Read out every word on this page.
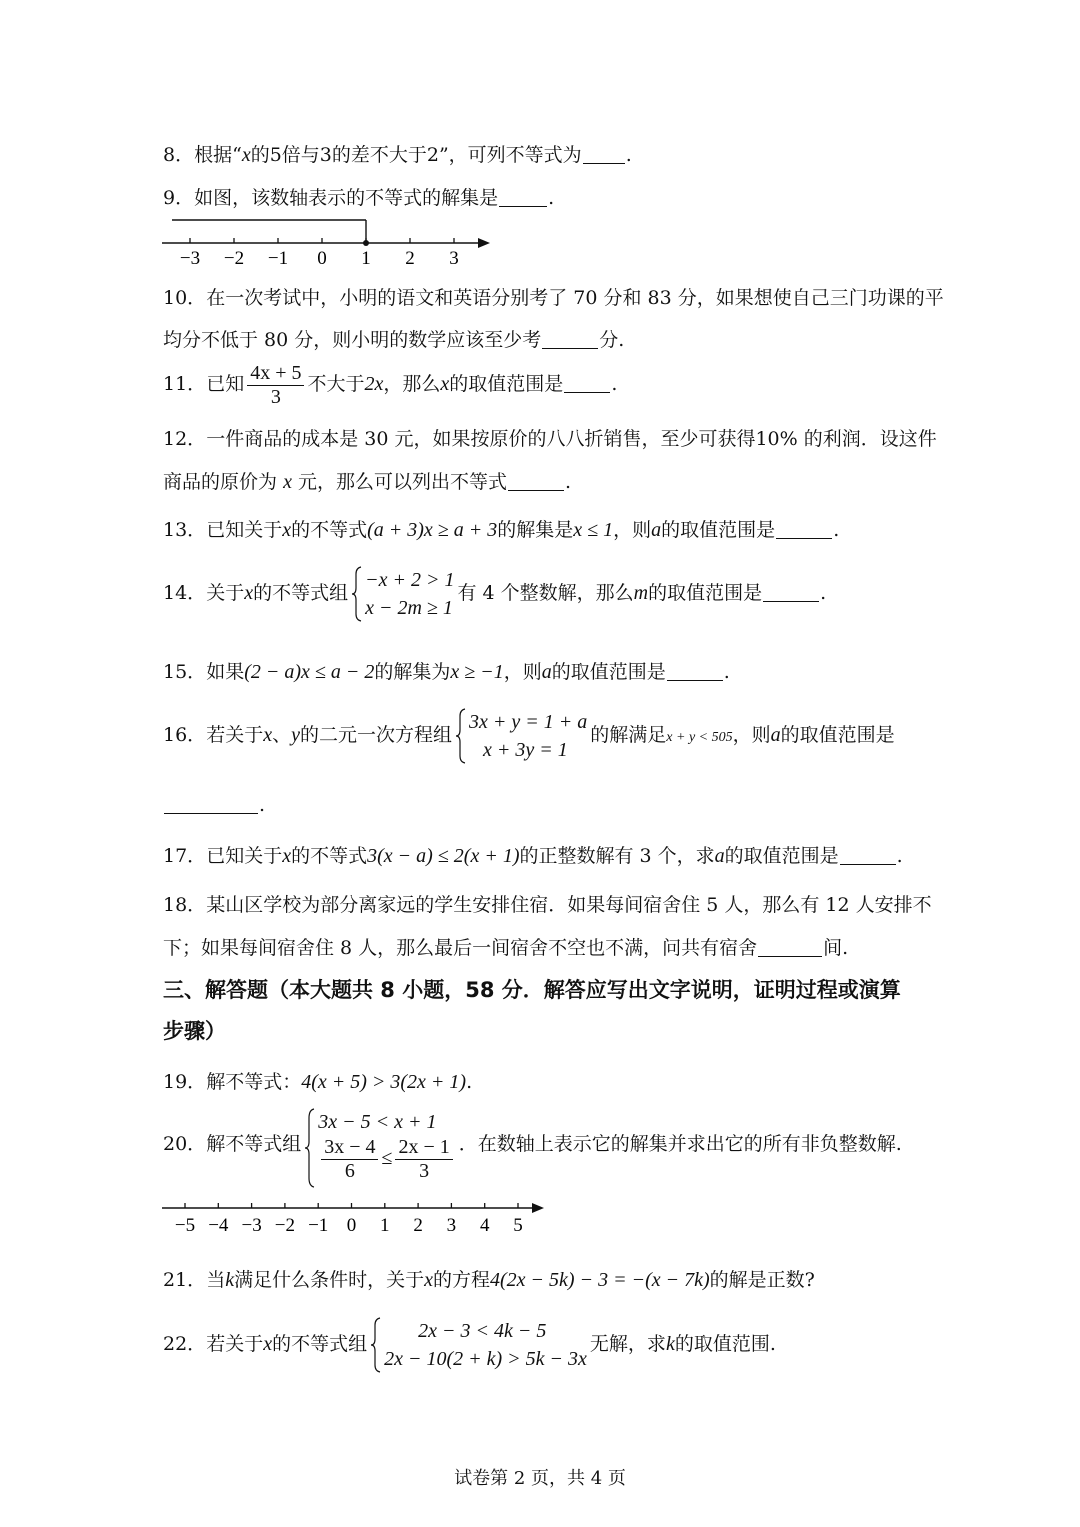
8．根据“x的5倍与3的差不大于2”，可列不等式为 .
9．如图，该数轴表示的不等式的解集是	.
−3 −2 −1 0 1 2 3
10．在一次考试中，小明的语文和英语分别考了 70 分和 83 分，如果想使自己三门功课的平
均分不低于 80 分，则小明的数学应该至少考	分.
11．已知 $\frac{4x + 5}{3}$ 不大于2x，那么x的取值范围是	.
12．一件商品的成本是 30 元，如果按原价的八八折销售，至少可获得10% 的利润．设这件
商品的原价为 x 元，那么可以列出不等式	.
13．已知关于x的不等式(a + 3)x ≥ a + 3的解集是x ≤ 1，则a的取值范围是	.
14．关于x的不等式组
−x + 2 > 1
x − 2m ≥ 1
有 4 个整数解，那么m的取值范围是	.
15．如果(2 − a)x ≤ a − 2的解集为x ≥ −1，则a的取值范围是	.
16．若关于x、y的二元一次方程组
3x + y = 1 + a
x + 3y = 1
的解满足x + y < 505，则a的取值范围是
.
17．已知关于x的不等式3(x − a) ≤ 2(x + 1)的正整数解有 3 个，求a的取值范围是	.
18．某山区学校为部分离家远的学生安排住宿．如果每间宿舍住 5 人，那么有 12 人安排不
下；如果每间宿舍住 8 人，那么最后一间宿舍不空也不满，问共有宿舍	间.
三、解答题（本大题共 8 小题，58 分．解答应写出文字说明，证明过程或演算
步骤）
19．解不等式：4(x + 5) > 3(2x + 1).
20．解不等式组
3x − 5 < x + 1
$\frac{3x - 4}{6} \le \frac{2x - 1}{3}$ ．在数轴上表示它的解集并求出它的所有非负整数解.
−5 −4 −3 −2 −1 0 1 2 3 4 5
21．当k满足什么条件时，关于x的方程4(2x − 5k) − 3 = −(x − 7k)的解是正数?
22．若关于x的不等式组
2x − 3 < 4k − 5
2x − 10(2 + k) > 5k − 3x
无解，求k的取值范围.
试卷第 2 页，共 4 页
